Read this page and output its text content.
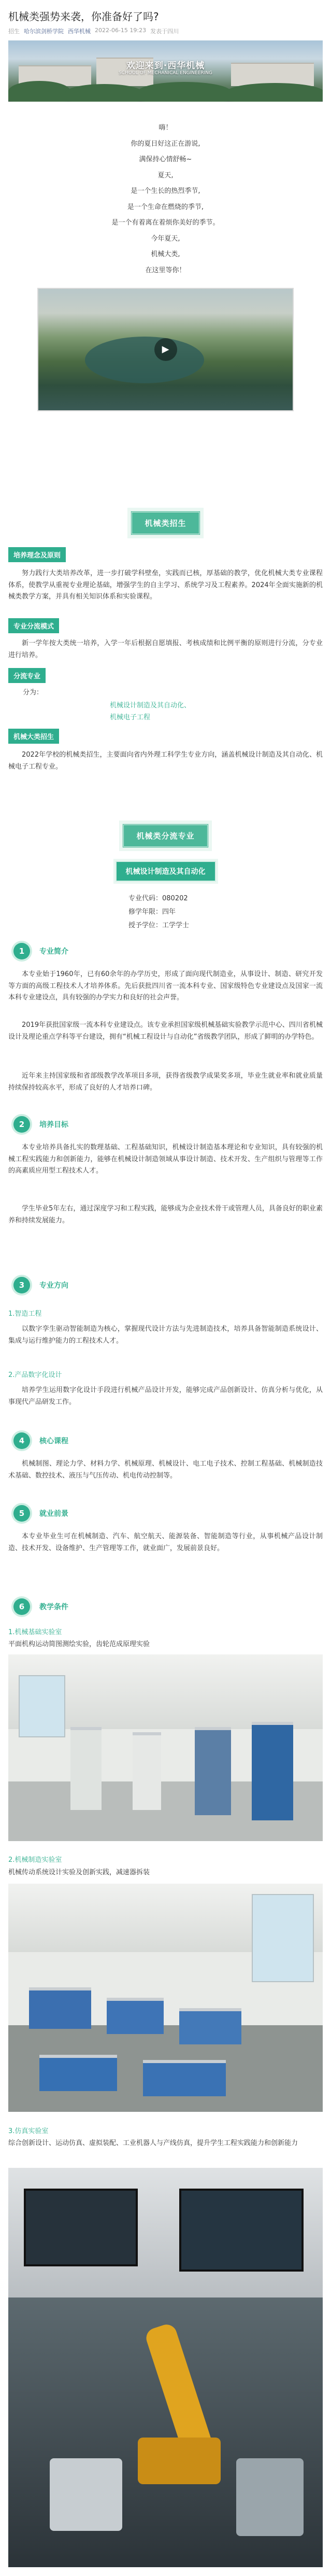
机械类强势来袭，你准备好了吗?
招生 哈尔滨剑桥学院 西华机械 2022-06-15 19:23 发表于四川
欢迎来到·西华机械
SCHOOL OF MECHANICAL ENGINEERING
嗨！
你的夏日好这正在游说,
满保持心情舒畅~
夏天,
是一个生长的热烈季节,
是一个生命在燃烧的季节,
是一个有着离在着烦你美好的季节。
今年夏天,
机械大类,
在这里等你！
▶
机械类招生
培养理念及原则
努力践行大类培养改革，进一步打破学科壁垒，实践而已核，厚基础的教学，优化机械大类专业课程体系，使教学从重视专业理论基础，增强学生的自主学习、系统学习及工程素养。2024年全面实施新的机械类教学方案，并具有相关知识体系和实验课程。
专业分流模式
新一学年按大类统一培养，入学一年后根据自愿填报、考核成绩和比例平衡的原则进行分流，分专业进行培养。
分流专业
分为：
机械设计制造及其自动化、
机械电子工程
机械大类招生
2022年学校的机械类招生，主要面向省内外理工科学生专业方向，涵盖机械设计制造及其自动化、机械电子工程专业。
机械类分流专业
机械设计制造及其自动化
专业代码：080202
修学年限：四年
授予学位：工学学士
1	专业简介
本专业始于1960年，已有60余年的办学历史，形成了面向现代制造业，从事设计、制造、研究开发等方面的高级工程技术人才培养体系。先后获批四川省一流本科专业、国家级特色专业建设点及国家一流本科专业建设点，具有较强的办学实力和良好的社会声誉。
2019年获批国家级一流本科专业建设点。该专业承担国家级机械基础实验教学示范中心、四川省机械设计及理论重点学科等平台建设，拥有“机械工程设计与自动化”省级教学团队，形成了鲜明的办学特色。
近年来主持国家级和省部级教学改革项目多项，获得省级教学成果奖多项，毕业生就业率和就业质量持续保持较高水平，形成了良好的人才培养口碑。
2	培养目标
本专业培养具备扎实的数理基础、工程基础知识，机械设计制造基本理论和专业知识，具有较强的机械工程实践能力和创新能力，能够在机械设计制造领域从事设计制造、技术开发、生产组织与管理等工作的高素质应用型工程技术人才。
学生毕业5年左右，通过深度学习和工程实践，能够成为企业技术骨干或管理人员，具备良好的职业素养和持续发展能力。
3	专业方向
1.智造工程
以数字孪生驱动智能制造为核心，掌握现代设计方法与先进制造技术，培养具备智能制造系统设计、集成与运行维护能力的工程技术人才。
2.产品数字化设计
培养学生运用数字化设计手段进行机械产品设计开发，能够完成产品创新设计、仿真分析与优化，从事现代产品研发工作。
4	核心课程
机械制图、理论力学、材料力学、机械原理、机械设计、电工电子技术、控制工程基础、机械制造技术基础、数控技术、液压与气压传动、机电传动控制等。
5	就业前景
本专业毕业生可在机械制造、汽车、航空航天、能源装备、智能制造等行业，从事机械产品设计制造、技术开发、设备维护、生产管理等工作，就业面广，发展前景良好。
6	教学条件
1.机械基础实验室
平面机构运动简图测绘实验，齿轮范成原理实验
2.机械制造实验室
机械传动系统设计实验及创新实践，减速器拆装
3.仿真实验室
综合创新设计、运动仿真、虚拟装配、工业机器人与产线仿真，提升学生工程实践能力和创新能力
